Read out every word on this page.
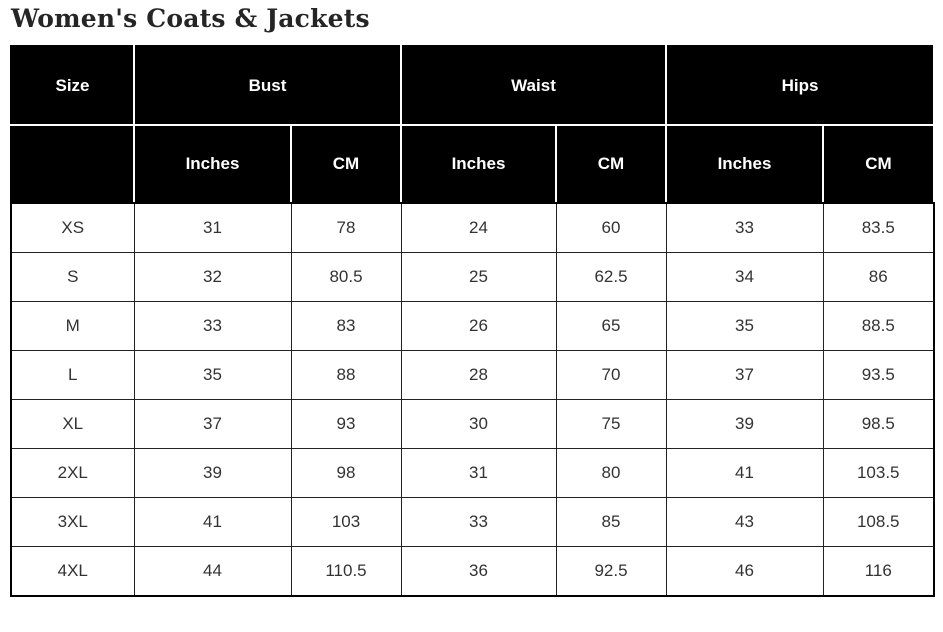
Women's Coats & Jackets
Size	Bust		Waist		Hips	
	Inches	CM	Inches	CM	Inches	CM
XS	31	78	24	60	33	83.5
S	32	80.5	25	62.5	34	86
M	33	83	26	65	35	88.5
L	35	88	28	70	37	93.5
XL	37	93	30	75	39	98.5
2XL	39	98	31	80	41	103.5
3XL	41	103	33	85	43	108.5
4XL	44	110.5	36	92.5	46	116
